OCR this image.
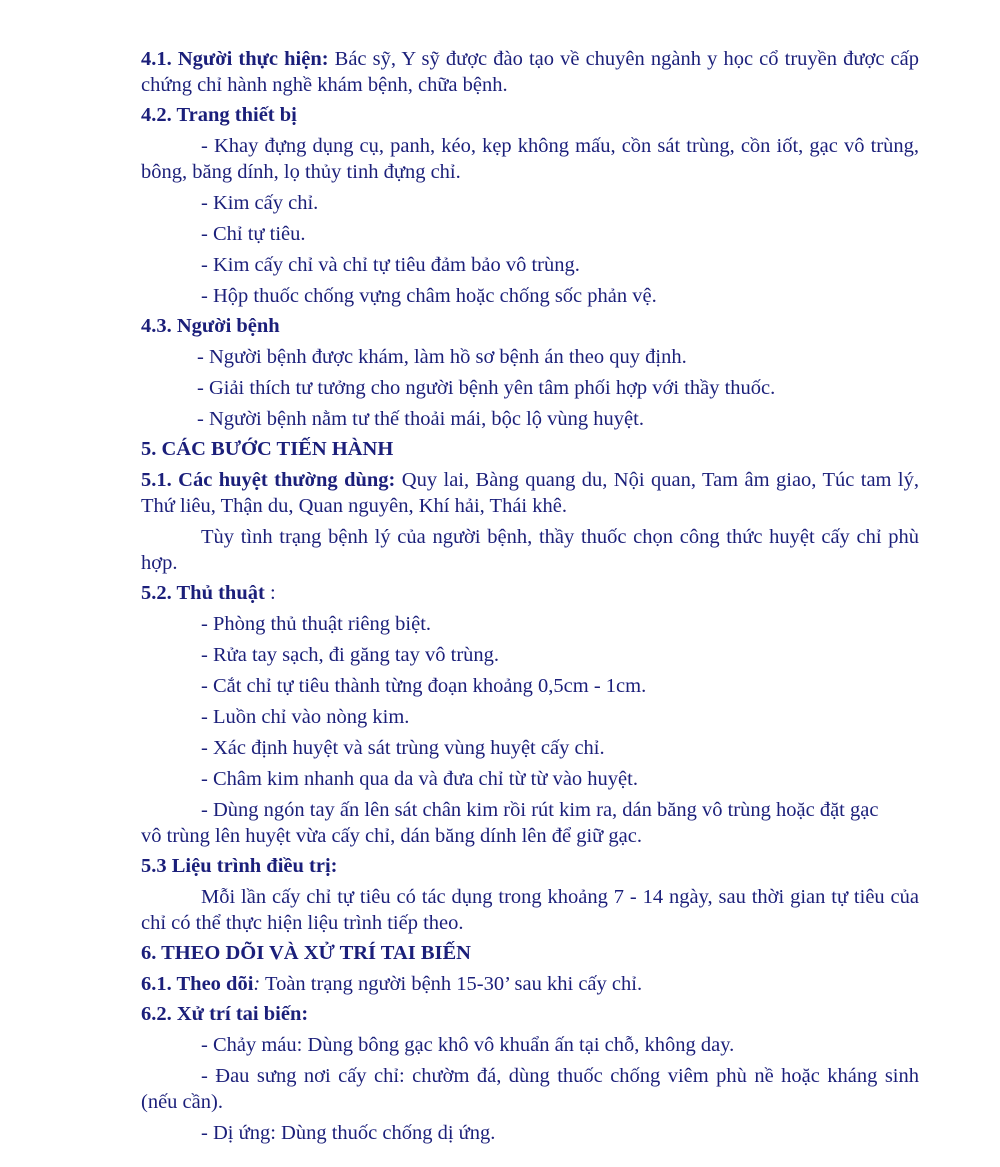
4.1. Người thực hiện: Bác sỹ, Y sỹ được đào tạo về chuyên ngành y học cổ truyền được cấp chứng chỉ hành nghề khám bệnh, chữa bệnh.

4.2. Trang thiết bị

- Khay đựng dụng cụ, panh, kéo, kẹp không mấu, cồn sát trùng, cồn iốt, gạc vô trùng, bông, băng dính, lọ thủy tinh đựng chỉ.

- Kim cấy chỉ.

- Chỉ tự tiêu.

- Kim cấy chỉ và chỉ tự tiêu đảm bảo vô trùng.

- Hộp thuốc chống vựng châm hoặc chống sốc phản vệ.

4.3. Người bệnh

- Người bệnh được khám, làm hồ sơ bệnh án theo quy định.

- Giải thích tư tưởng cho người bệnh yên tâm phối hợp với thầy thuốc.

- Người bệnh nằm tư thế thoải mái, bộc lộ vùng huyệt.

5. CÁC BƯỚC TIẾN HÀNH

5.1. Các huyệt thường dùng: Quy lai, Bàng quang du, Nội quan, Tam âm giao, Túc tam lý, Thứ liêu, Thận du, Quan nguyên, Khí hải, Thái khê.

Tùy tình trạng bệnh lý của người bệnh, thầy thuốc chọn công thức huyệt cấy chỉ phù hợp.

5.2. Thủ thuật :

- Phòng thủ thuật riêng biệt.

- Rửa tay sạch, đi găng tay vô trùng.

- Cắt chỉ tự tiêu thành từng đoạn khoảng 0,5cm - 1cm.

- Luồn chỉ vào nòng kim.

- Xác định huyệt và sát trùng vùng huyệt cấy chỉ.

- Châm kim nhanh qua da và đưa chỉ từ từ vào huyệt.

- Dùng ngón tay ấn lên sát chân kim rồi rút kim ra, dán băng vô trùng hoặc đặt gạc vô trùng lên huyệt vừa cấy chỉ, dán băng dính lên để giữ gạc.

5.3 Liệu trình điều trị:

Mỗi lần cấy chỉ tự tiêu có tác dụng trong khoảng 7 - 14 ngày, sau thời gian tự tiêu của chỉ có thể thực hiện liệu trình tiếp theo.

6. THEO DÕI VÀ XỬ TRÍ TAI BIẾN

6.1. Theo dõi: Toàn trạng người bệnh 15-30’ sau khi cấy chỉ.

6.2. Xử trí tai biến:

- Chảy máu: Dùng bông gạc khô vô khuẩn ấn tại chỗ, không day.

- Đau sưng nơi cấy chỉ: chườm đá, dùng thuốc chống viêm phù nề hoặc kháng sinh (nếu cần).

- Dị ứng: Dùng thuốc chống dị ứng.
